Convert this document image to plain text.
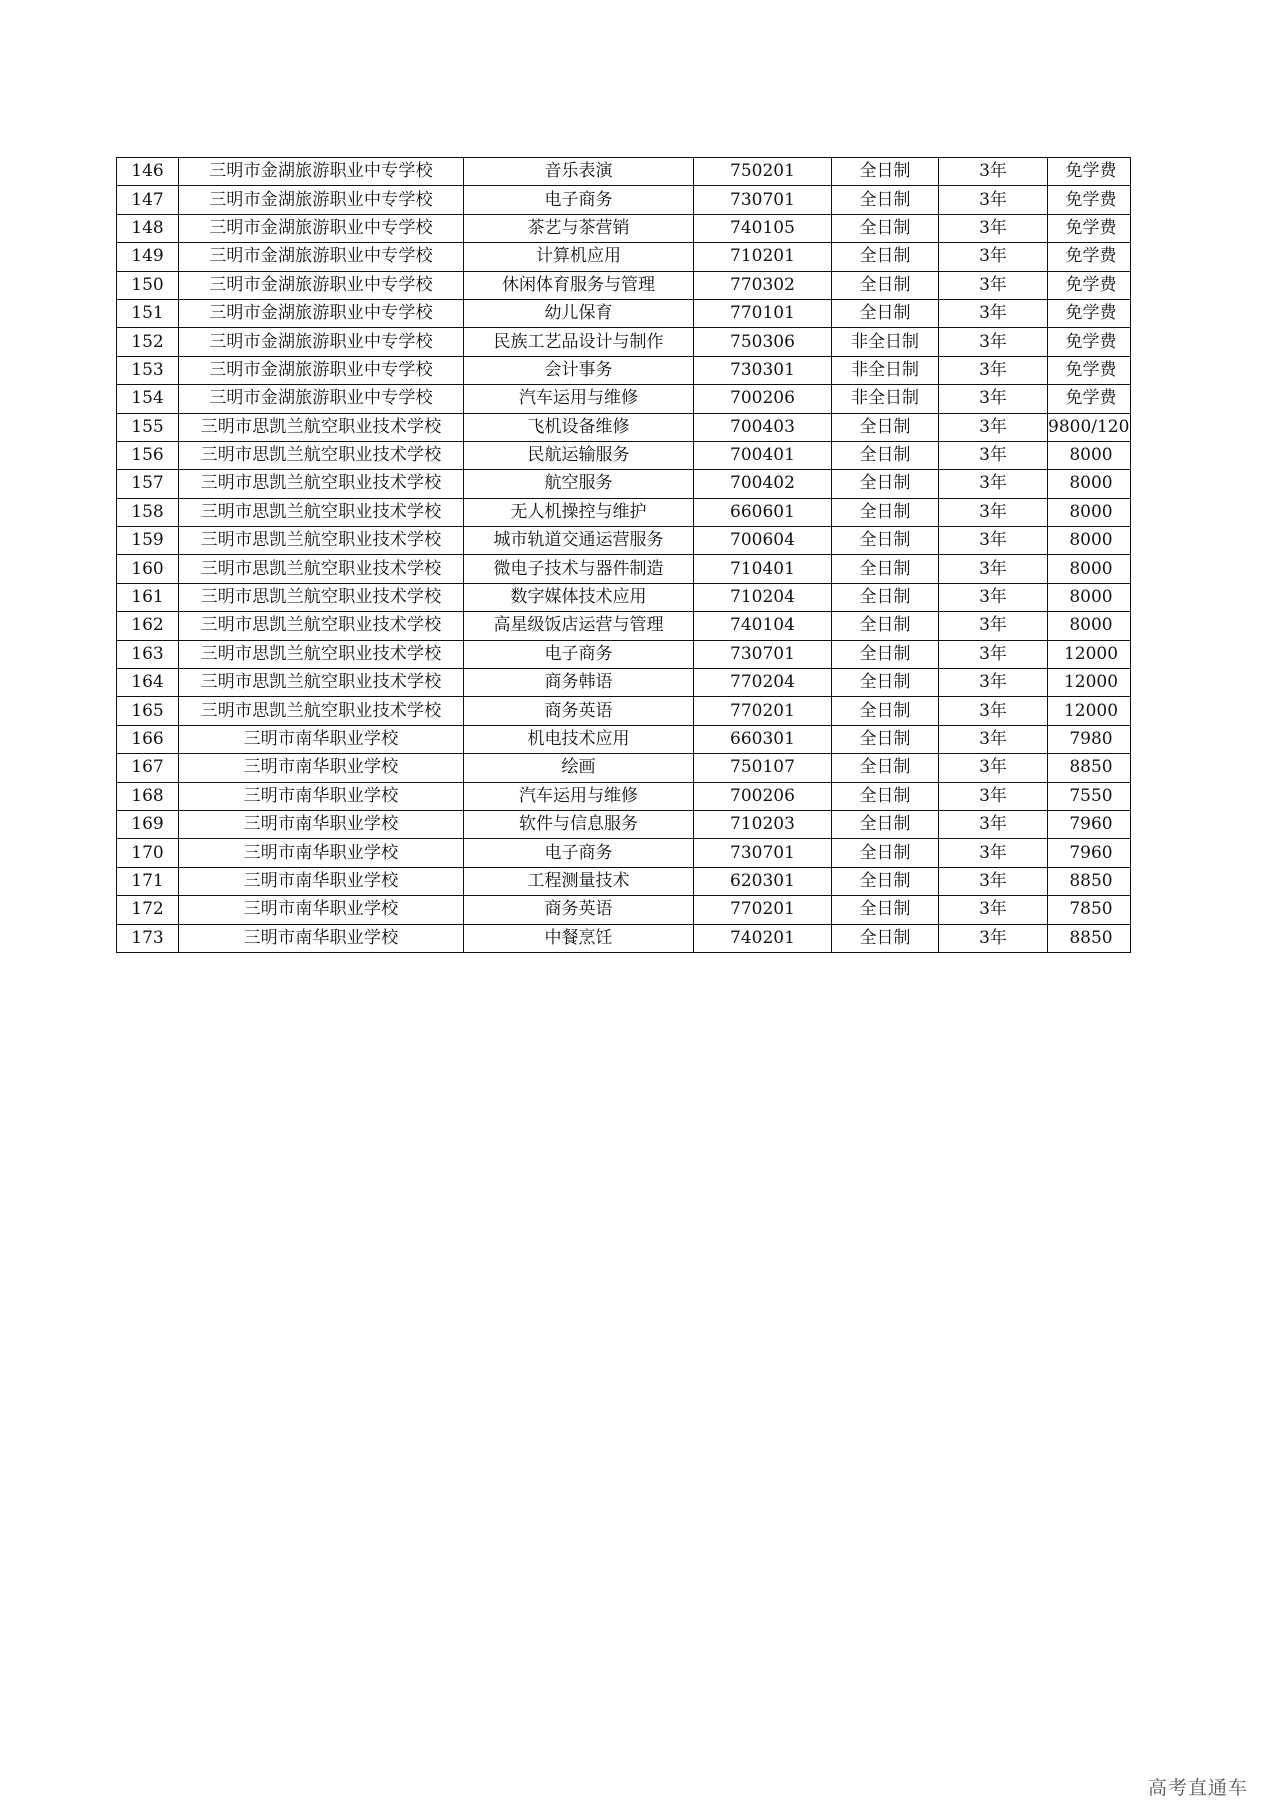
146	三明市金湖旅游职业中专学校	音乐表演	750201	全日制	3年	免学费
147	三明市金湖旅游职业中专学校	电子商务	730701	全日制	3年	免学费
148	三明市金湖旅游职业中专学校	茶艺与茶营销	740105	全日制	3年	免学费
149	三明市金湖旅游职业中专学校	计算机应用	710201	全日制	3年	免学费
150	三明市金湖旅游职业中专学校	休闲体育服务与管理	770302	全日制	3年	免学费
151	三明市金湖旅游职业中专学校	幼儿保育	770101	全日制	3年	免学费
152	三明市金湖旅游职业中专学校	民族工艺品设计与制作	750306	非全日制	3年	免学费
153	三明市金湖旅游职业中专学校	会计事务	730301	非全日制	3年	免学费
154	三明市金湖旅游职业中专学校	汽车运用与维修	700206	非全日制	3年	免学费
155	三明市思凯兰航空职业技术学校	飞机设备维修	700403	全日制	3年	9800/120
156	三明市思凯兰航空职业技术学校	民航运输服务	700401	全日制	3年	8000
157	三明市思凯兰航空职业技术学校	航空服务	700402	全日制	3年	8000
158	三明市思凯兰航空职业技术学校	无人机操控与维护	660601	全日制	3年	8000
159	三明市思凯兰航空职业技术学校	城市轨道交通运营服务	700604	全日制	3年	8000
160	三明市思凯兰航空职业技术学校	微电子技术与器件制造	710401	全日制	3年	8000
161	三明市思凯兰航空职业技术学校	数字媒体技术应用	710204	全日制	3年	8000
162	三明市思凯兰航空职业技术学校	高星级饭店运营与管理	740104	全日制	3年	8000
163	三明市思凯兰航空职业技术学校	电子商务	730701	全日制	3年	12000
164	三明市思凯兰航空职业技术学校	商务韩语	770204	全日制	3年	12000
165	三明市思凯兰航空职业技术学校	商务英语	770201	全日制	3年	12000
166	三明市南华职业学校	机电技术应用	660301	全日制	3年	7980
167	三明市南华职业学校	绘画	750107	全日制	3年	8850
168	三明市南华职业学校	汽车运用与维修	700206	全日制	3年	7550
169	三明市南华职业学校	软件与信息服务	710203	全日制	3年	7960
170	三明市南华职业学校	电子商务	730701	全日制	3年	7960
171	三明市南华职业学校	工程测量技术	620301	全日制	3年	8850
172	三明市南华职业学校	商务英语	770201	全日制	3年	7850
173	三明市南华职业学校	中餐烹饪	740201	全日制	3年	8850
高考直通车
